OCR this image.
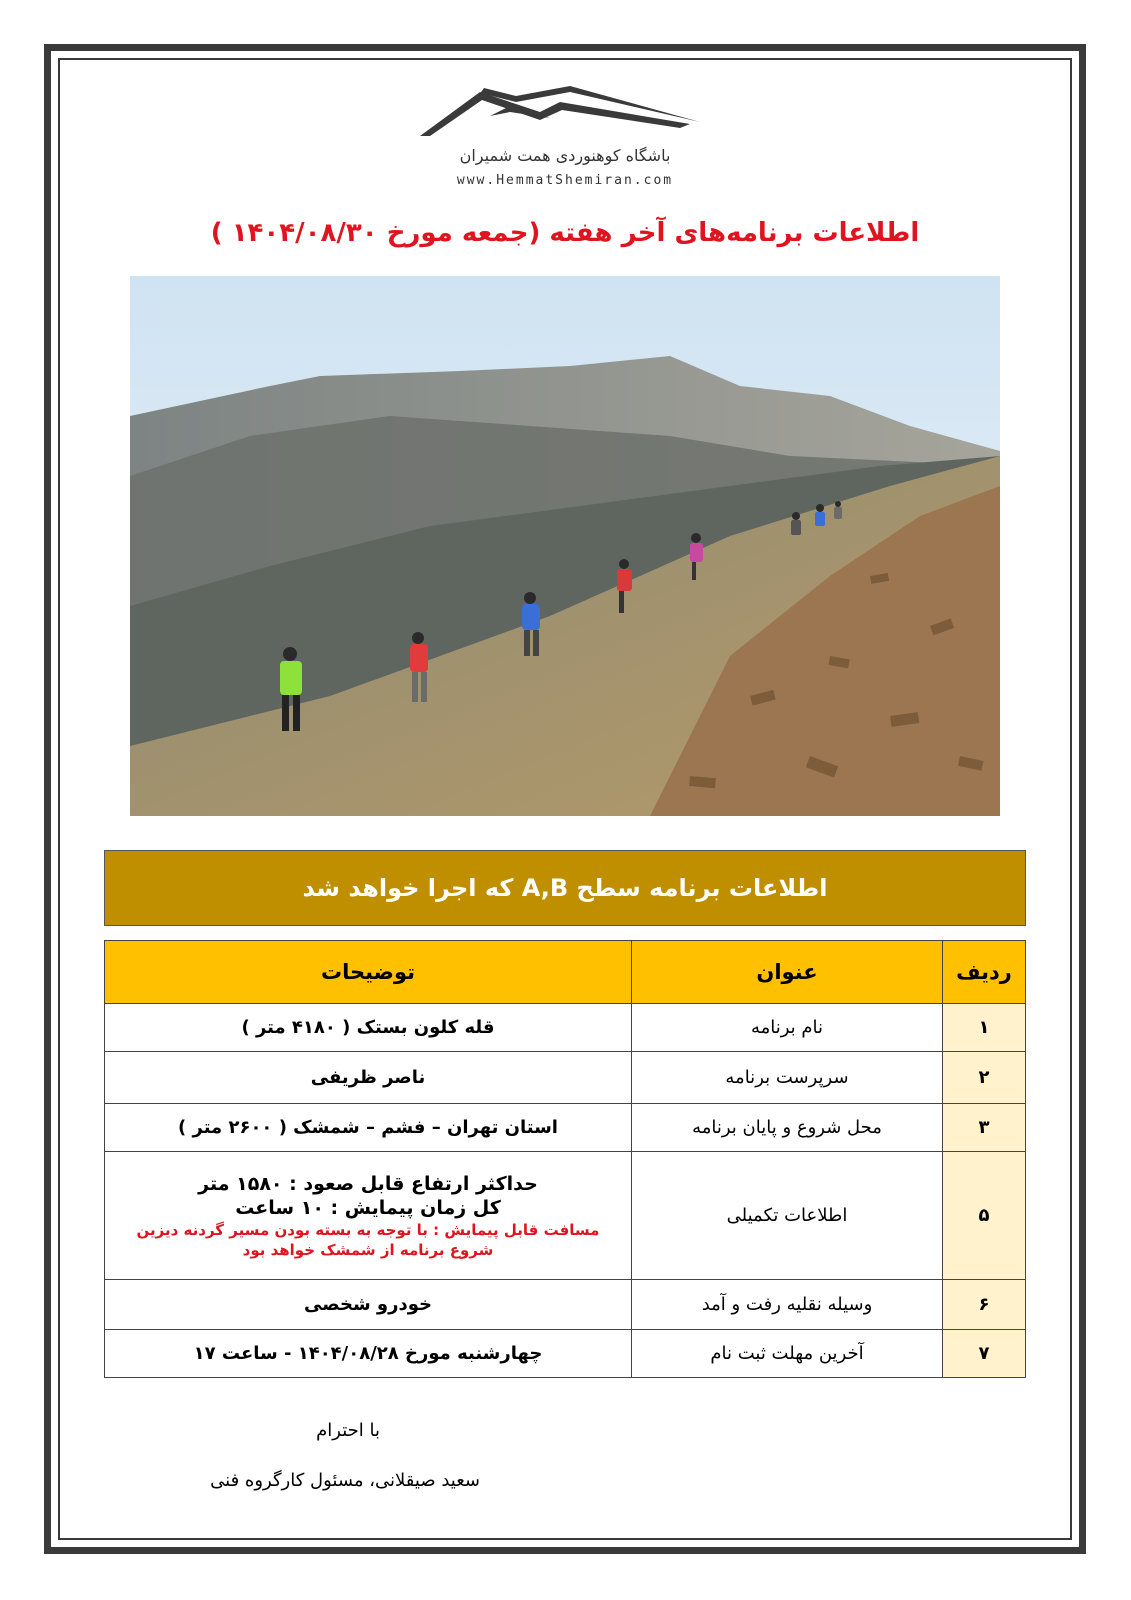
باشگاه کوهنوردی همت شمیران
www.HemmatShemiran.com
اطلاعات برنامه‌های آخر هفته (جمعه مورخ ۱۴۰۴/۰۸/۳۰ )
اطلاعات برنامه سطح A,B که اجرا خواهد شد
ردیف	عنوان	توضیحات
۱	نام برنامه	قله کلون بستک ( ۴۱۸۰ متر )
۲	سرپرست برنامه	ناصر ظریفی
۳	محل شروع و پایان برنامه	استان تهران – فشم – شمشک ( ۲۶۰۰ متر )
۵	اطلاعات تکمیلی	حداکثر ارتفاع قابل صعود : ۱۵۸۰ متر
کل زمان پیمایش : ۱۰ ساعت
مسافت قابل پیمایش : با توجه به بسته بودن مسیر گردنه دیزین
شروع برنامه از شمشک خواهد بود

۶	وسیله نقلیه رفت و آمد	خودرو شخصی
۷	آخرین مهلت ثبت نام	چهارشنبه مورخ ۱۴۰۴/۰۸/۲۸ - ساعت ۱۷
با احترام
سعید صیقلانی، مسئول کارگروه فنی
